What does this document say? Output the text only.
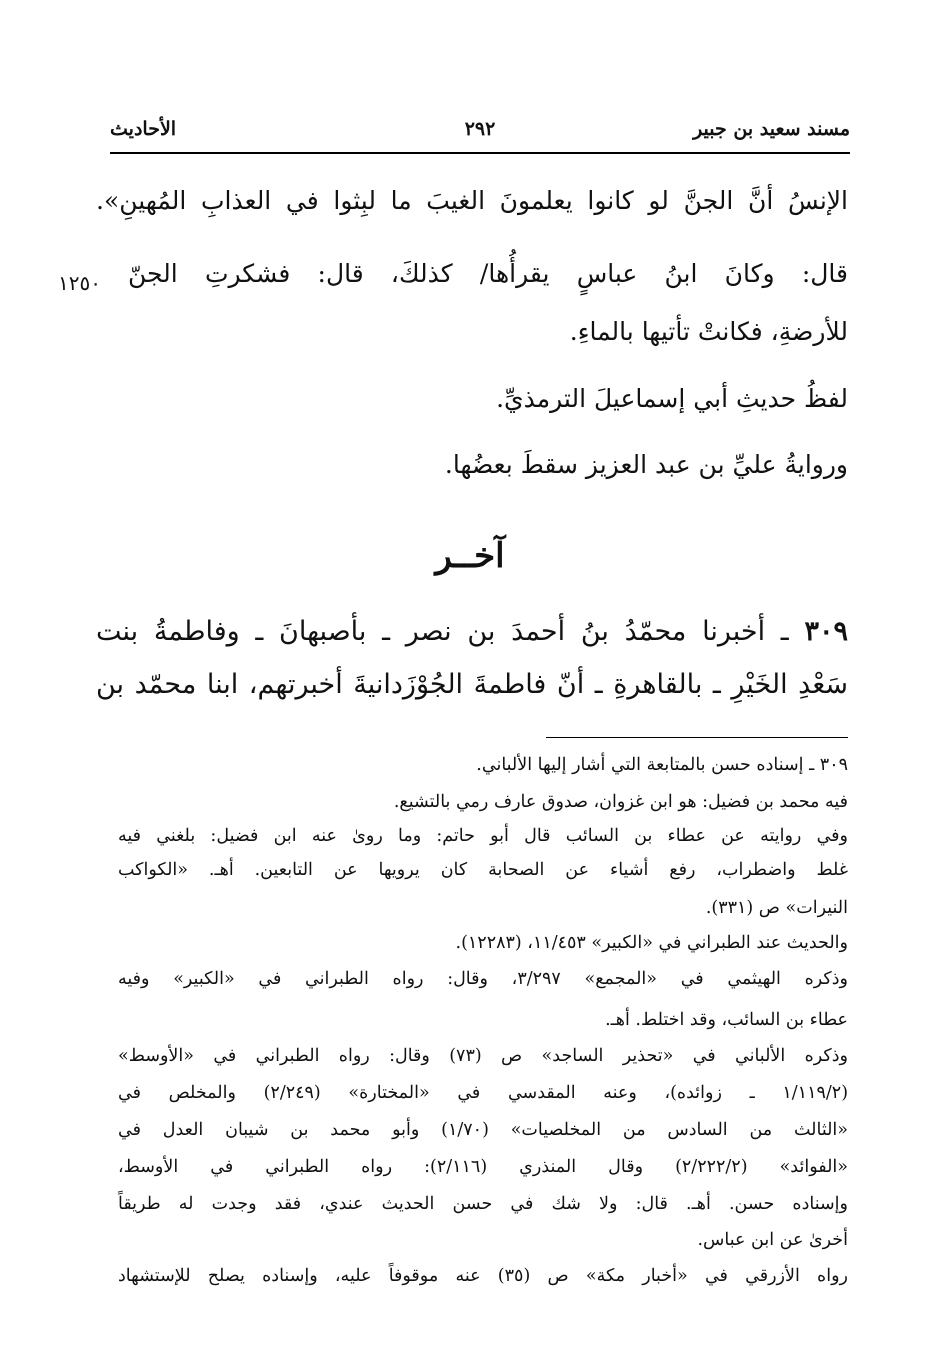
مسند سعيد بن جبير
٢٩٢
الأحاديث
الإنسُ أنَّ الجنَّ لو كانوا يعلمونَ الغيبَ ما لبِثوا في العذابِ المُهينِ».
قال: وكانَ ابنُ عباسٍ يقرأُها/ كذلكَ، قال: فشكرتِ الجنّ
١٢٥٠
للأرضةِ، فكانتْ تأتيها بالماءِ.
لفظُ حديثِ أبي إسماعيلَ الترمذيِّ.
وروايةُ عليِّ بن عبد العزيز سقطَ بعضُها.
آخــر
٣٠٩ ـ أخبرنا محمّدُ بنُ أحمدَ بن نصر ـ بأصبهانَ ـ وفاطمةُ بنت
سَعْدِ الخَيْرِ ـ بالقاهرةِ ـ أنّ فاطمةَ الجُوْزَدانيةَ أخبرتهم، ابنا محمّد بن
٣٠٩ ـ إسناده حسن بالمتابعة التي أشار إليها الألباني.
فيه محمد بن فضيل: هو ابن غزوان، صدوق عارف رمي بالتشيع.
وفي روايته عن عطاء بن السائب قال أبو حاتم: وما روىٰ عنه ابن فضيل: بلغني فيه
غلط واضطراب، رفع أشياء عن الصحابة كان يرويها عن التابعين. أهـ. «الكواكب
النيرات» ص (٣٣١).
والحديث عند الطبراني في «الكبير» ١١/٤٥٣، (١٢٢٨٣).
وذكره الهيثمي في «المجمع» ٣/٢٩٧، وقال: رواه الطبراني في «الكبير» وفيه
عطاء بن السائب، وقد اختلط. أهـ.
وذكره الألباني في «تحذير الساجد» ص (٧٣) وقال: رواه الطبراني في «الأوسط»
(١/١١٩/٢ ـ زوائده)، وعنه المقدسي في «المختارة» (٢/٢٤٩) والمخلص في
«الثالث من السادس من المخلصيات» (١/٧٠) وأبو محمد بن شيبان العدل في
«الفوائد» (٢/٢٢٢/٢) وقال المنذري (٢/١١٦): رواه الطبراني في الأوسط،
وإسناده حسن. أهـ. قال: ولا شك في حسن الحديث عندي، فقد وجدت له طريقاً
أخرىٰ عن ابن عباس.
رواه الأزرقي في «أخبار مكة» ص (٣٥) عنه موقوفاً عليه، وإسناده يصلح للإستشهاد
